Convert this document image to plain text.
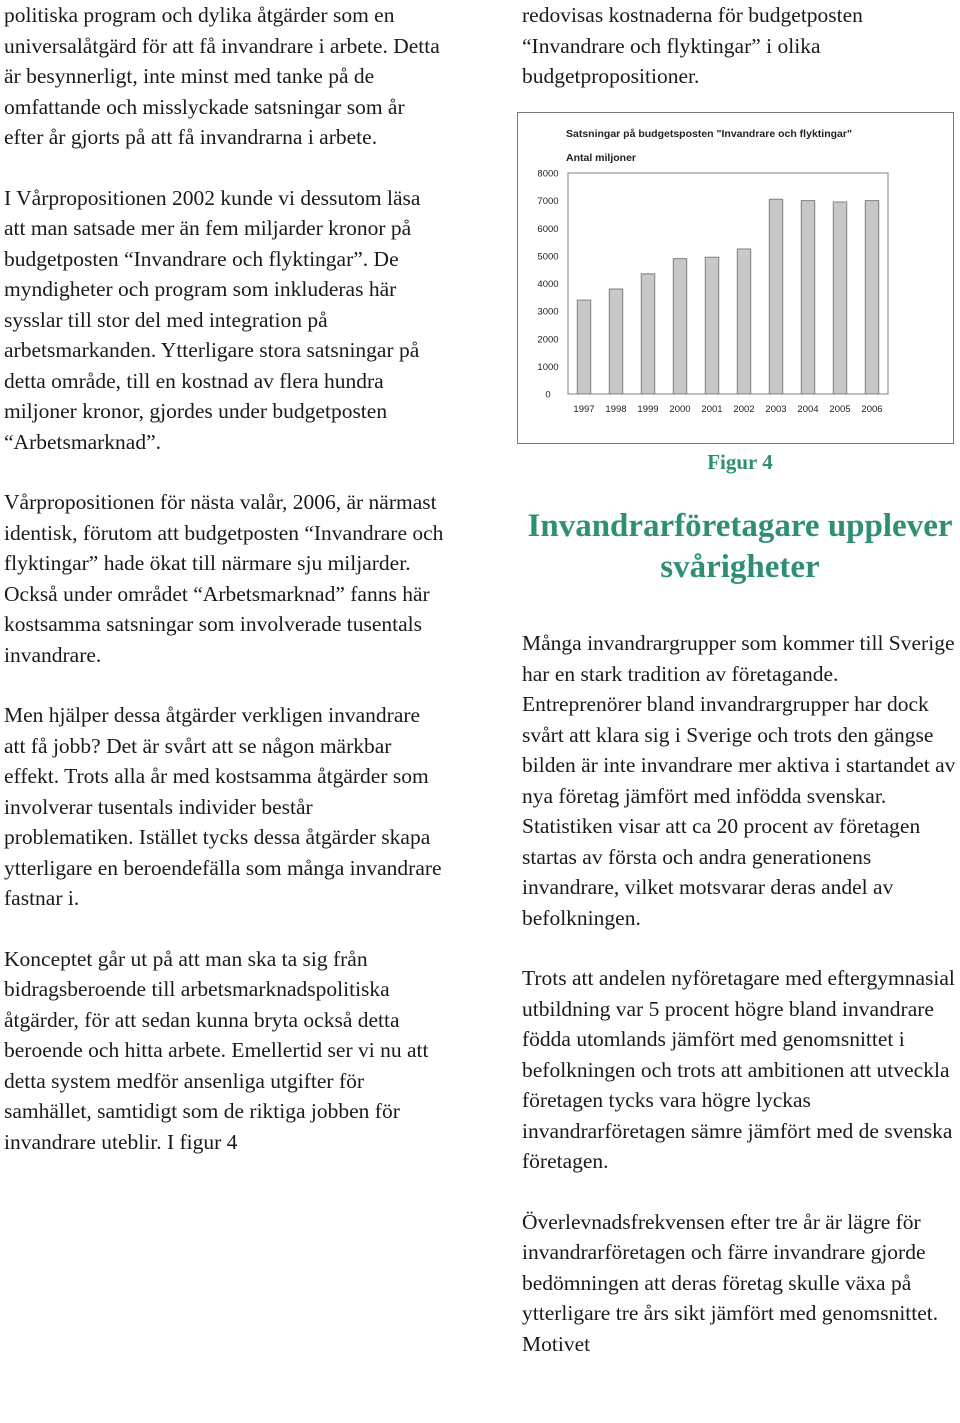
politiska program och dylika åtgärder som en universalåtgärd för att få invandrare i arbete. Detta är besynnerligt, inte minst med tanke på de omfattande och misslyckade satsningar som år efter år gjorts på att få invandrarna i arbete.

I Vårpropositionen 2002 kunde vi dessutom läsa att man satsade mer än fem miljarder kronor på budgetposten “Invandrare och flyktingar”. De myndigheter och program som inkluderas här sysslar till stor del med integration på arbetsmarkanden. Ytterligare stora satsningar på detta område, till en kostnad av flera hundra miljoner kronor, gjordes under budgetposten “Arbetsmarknad”.

Vårpropositionen för nästa valår, 2006, är närmast identisk, förutom att budgetposten “Invandrare och flyktingar” hade ökat till närmare sju miljarder. Också under området “Arbetsmarknad” fanns här kostsamma satsningar som involverade tusentals invandrare.

Men hjälper dessa åtgärder verkligen invandrare att få jobb? Det är svårt att se någon märkbar effekt. Trots alla år med kostsamma åtgärder som involverar tusentals individer består problematiken. Istället tycks dessa åtgärder skapa ytterligare en beroendefälla som många invandrare fastnar i.

Konceptet går ut på att man ska ta sig från bidragsberoende till arbetsmarknadspolitiska åtgärder, för att sedan kunna bryta också detta beroende och hitta arbete. Emellertid ser vi nu att detta system medför ansenliga utgifter för samhället, samtidigt som de riktiga jobben för invandrare uteblir. I figur 4

redovisas kostnaderna för budgetposten “Invandrare och flyktingar” i olika budgetpropositioner.

Satsningar på budgetsposten "Invandrare och flyktingar"
Antal miljoner
0
1000
2000
3000
4000
5000
6000
7000
8000
1997 1998 1999 2000 2001 2002 2003 2004 2005 2006
Figur 4
Invandrarföretagare upplever svårigheter

Många invandrargrupper som kommer till Sverige har en stark tradition av företagande. Entreprenörer bland invandrargrupper har dock svårt att klara sig i Sverige och trots den gängse bilden är inte invandrare mer aktiva i startandet av nya företag jämfört med infödda svenskar. Statistiken visar att ca 20 procent av företagen startas av första och andra generationens invandrare, vilket motsvarar deras andel av befolkningen.

Trots att andelen nyföretagare med eftergymnasial utbildning var 5 procent högre bland invandrare födda utomlands jämfört med genomsnittet i befolkningen och trots att ambitionen att utveckla företagen tycks vara högre lyckas invandrarföretagen sämre jämfört med de svenska företagen.

Överlevnadsfrekvensen efter tre år är lägre för invandrarföretagen och färre invandrare gjorde bedömningen att deras företag skulle växa på ytterligare tre års sikt jämfört med genomsnittet. Motivet
